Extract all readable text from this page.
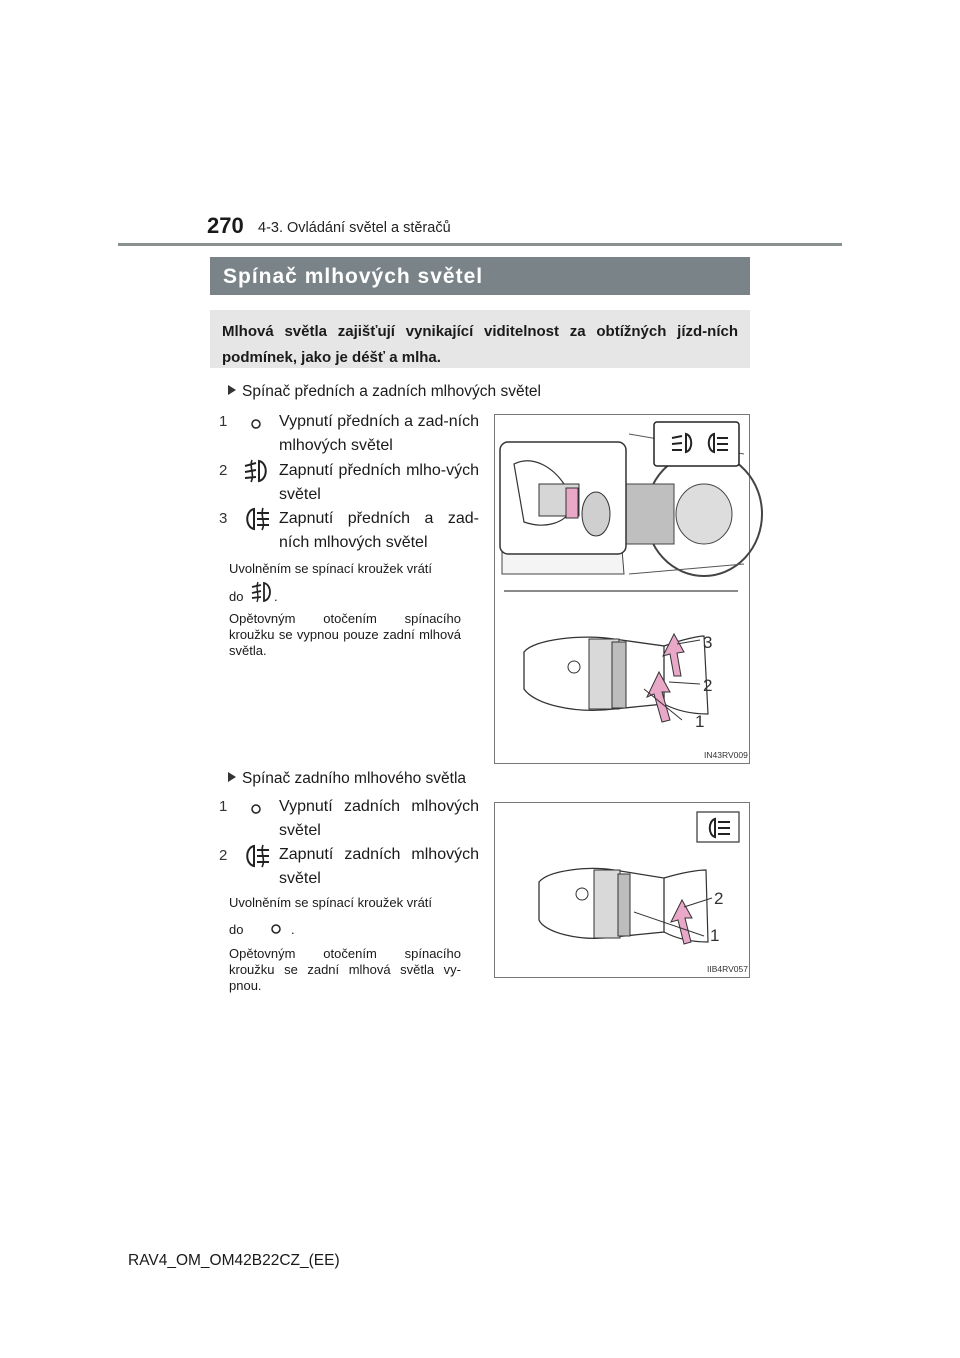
270 4-3. Ovládání světel a stěračů
Spínač mlhových světel

Mlhová světla zajišťují vynikající viditelnost za obtížných jízd-ních podmínek, jako je déšť a mlha.

Spínač předních a zadních mlhových světel
1	Vypnutí předních a zad-ních mlhových světel
2	Zapnutí předních mlho-vých světel
3	Zapnutí předních a zad-ních mlhových světel
Uvolněním se spínací kroužek vrátí
do .
Opětovným otočením spínacího kroužku se vypnou pouze zadní mlhová světla.	3
2
1
IN43RV009
Spínač zadního mlhového světla
1	Vypnutí zadních mlhových světel
2	Zapnutí zadních mlhových světel
Uvolněním se spínací kroužek vrátí
do	.
Opětovným otočením spínacího kroužku se zadní mlhová světla vy-pnou.
2
1
IIB4RV057
RAV4_OM_OM42B22CZ_(EE)
